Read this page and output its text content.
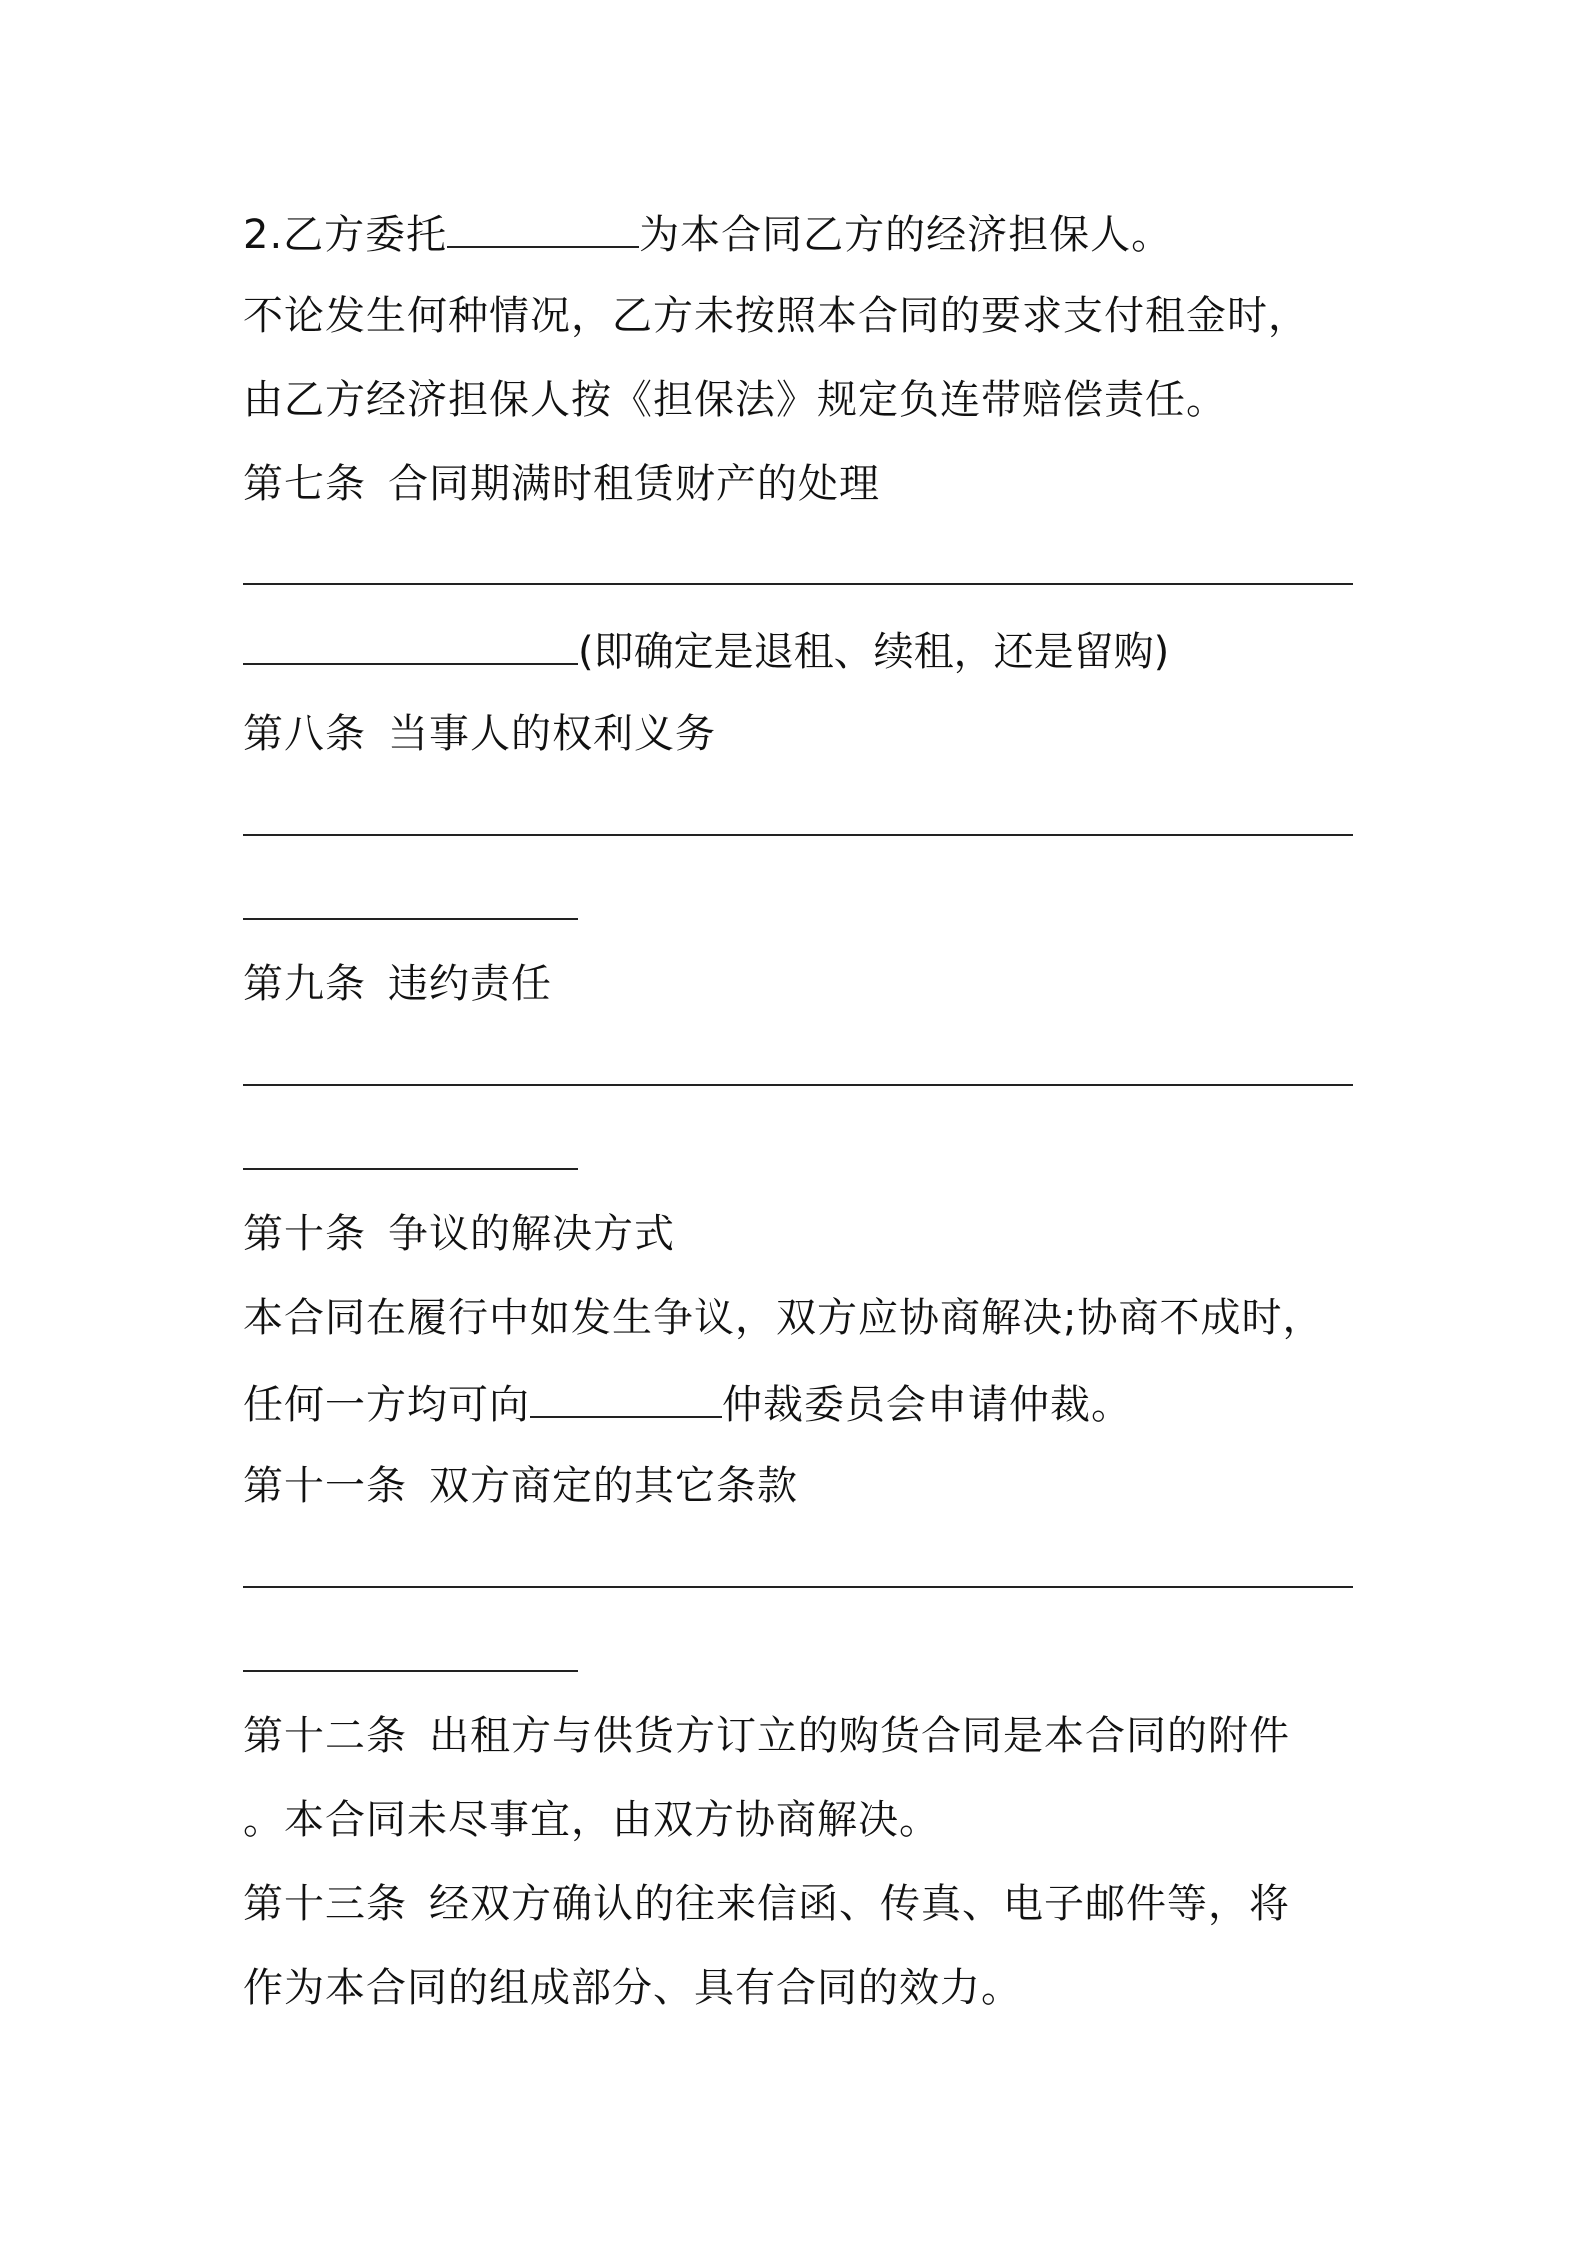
2.乙方委托	为本合同乙方的经济担保人。
不论发生何种情况，乙方未按照本合同的要求支付租金时，
由乙方经济担保人按《担保法》规定负连带赔偿责任。
第七条 合同期满时租赁财产的处理
(即确定是退租、续租，还是留购)
第八条 当事人的权利义务
第九条 违约责任
第十条 争议的解决方式
本合同在履行中如发生争议，双方应协商解决;协商不成时，
任何一方均可向	仲裁委员会申请仲裁。
第十一条 双方商定的其它条款
第十二条 出租方与供货方订立的购货合同是本合同的附件
。本合同未尽事宜，由双方协商解决。
第十三条 经双方确认的往来信函、传真、电子邮件等，将
作为本合同的组成部分、具有合同的效力。
